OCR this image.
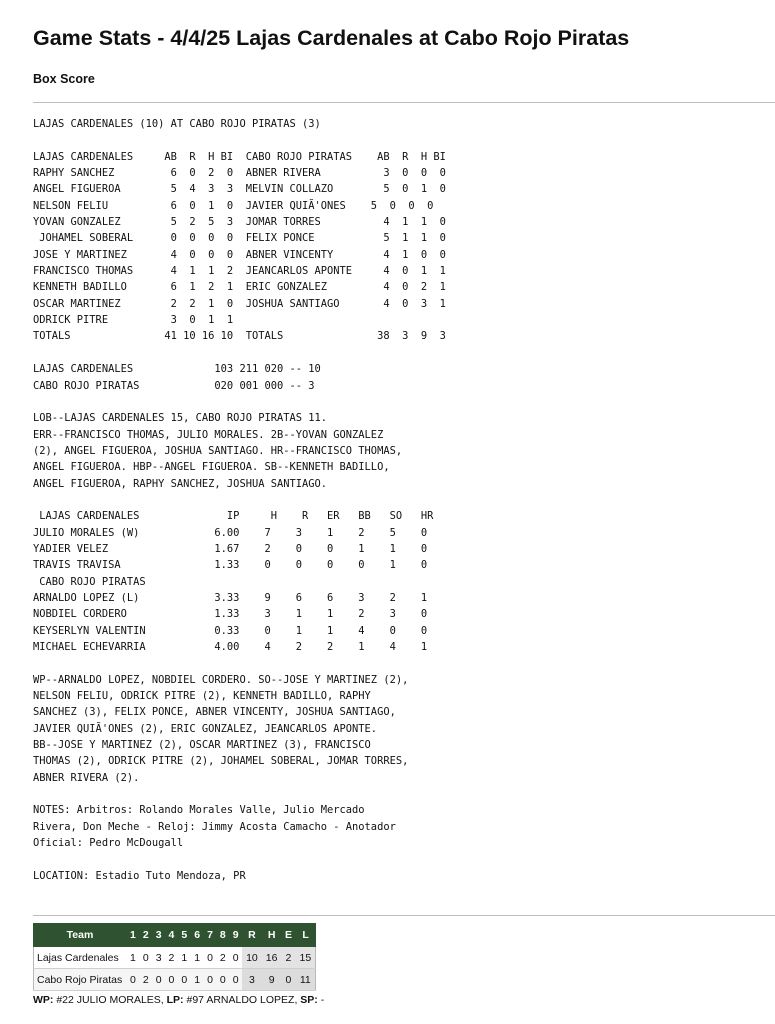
Game Stats - 4/4/25 Lajas Cardenales at Cabo Rojo Piratas
Box Score
LAJAS CARDENALES (10) AT CABO ROJO PIRATAS (3)

LAJAS CARDENALES     AB  R  H BI  CABO ROJO PIRATAS    AB  R  H BI
RAPHY SANCHEZ         6  0  2  0  ABNER RIVERA          3  0  0  0
ANGEL FIGUEROA        5  4  3  3  MELVIN COLLAZO        5  0  1  0
NELSON FELIU          6  0  1  0  JAVIER QUIÃ'ONES    5  0  0  0
YOVAN GONZALEZ        5  2  5  3  JOMAR TORRES          4  1  1  0
JOHAMEL SOBERAL      0  0  0  0  FELIX PONCE           5  1  1  0
JOSE Y MARTINEZ       4  0  0  0  ABNER VINCENTY        4  1  0  0
FRANCISCO THOMAS      4  1  1  2  JEANCARLOS APONTE     4  0  1  1
KENNETH BADILLO       6  1  2  1  ERIC GONZALEZ         4  0  2  1
OSCAR MARTINEZ        2  2  1  0  JOSHUA SANTIAGO       4  0  3  1
ODRICK PITRE          3  0  1  1
TOTALS               41 10 16 10  TOTALS               38  3  9  3

LAJAS CARDENALES             103 211 020 -- 10
CABO ROJO PIRATAS            020 001 000 -- 3

LOB--LAJAS CARDENALES 15, CABO ROJO PIRATAS 11.
ERR--FRANCISCO THOMAS, JULIO MORALES. 2B--YOVAN GONZALEZ
(2), ANGEL FIGUEROA, JOSHUA SANTIAGO. HR--FRANCISCO THOMAS,
ANGEL FIGUEROA. HBP--ANGEL FIGUEROA. SB--KENNETH BADILLO,
ANGEL FIGUEROA, RAPHY SANCHEZ, JOSHUA SANTIAGO.

LAJAS CARDENALES              IP     H    R   ER   BB   SO   HR
JULIO MORALES (W)            6.00    7    3    1    2    5    0
YADIER VELEZ                 1.67    2    0    0    1    1    0
TRAVIS TRAVISA               1.33    0    0    0    0    1    0
CABO ROJO PIRATAS
ARNALDO LOPEZ (L)            3.33    9    6    6    3    2    1
NOBDIEL CORDERO              1.33    3    1    1    2    3    0
KEYSERLYN VALENTIN           0.33    0    1    1    4    0    0
MICHAEL ECHEVARRIA           4.00    4    2    2    1    4    1

WP--ARNALDO LOPEZ, NOBDIEL CORDERO. SO--JOSE Y MARTINEZ (2),
NELSON FELIU, ODRICK PITRE (2), KENNETH BADILLO, RAPHY
SANCHEZ (3), FELIX PONCE, ABNER VINCENTY, JOSHUA SANTIAGO,
JAVIER QUIÃ'ONES (2), ERIC GONZALEZ, JEANCARLOS APONTE.
BB--JOSE Y MARTINEZ (2), OSCAR MARTINEZ (3), FRANCISCO
THOMAS (2), ODRICK PITRE (2), JOHAMEL SOBERAL, JOMAR TORRES,
ABNER RIVERA (2).

NOTES: Arbitros: Rolando Morales Valle, Julio Mercado
Rivera, Don Meche - Reloj: Jimmy Acosta Camacho - Anotador
Oficial: Pedro McDougall

LOCATION: Estadio Tuto Mendoza, PR
Team	1	2	3	4	5	6	7	8	9	R	H	E	L
Lajas Cardenales	1	0	3	2	1	1	0	2	0	10	16	2	15
Cabo Rojo Piratas	0	2	0	0	0	1	0	0	0	3	9	0	11
WP: #22 JULIO MORALES, LP: #97 ARNALDO LOPEZ, SP: -
